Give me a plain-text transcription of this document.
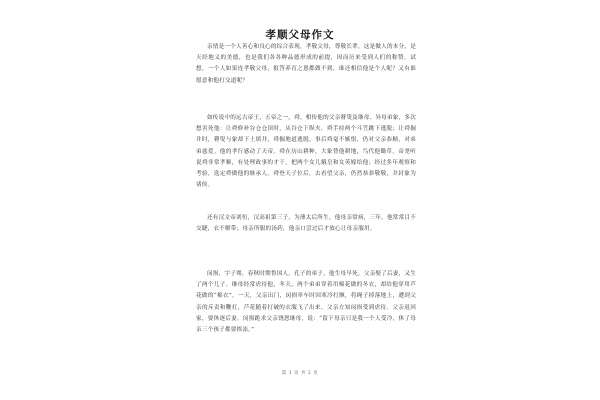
孝顺父母作文
亲情是一个人善心和良心的综合表现，孝敬父母，尊敬长辈，这是做人的本分，是天经地义的美德，也是我们各各种品德形成的前提，因而历来受到人们的称赞。试想，一个人如果连孝敬父母，报答养育之恩都做不到，谁还相信他是个人呢？又有谁愿意和他打交道呢？
如传说中的远古帝王，五帝之一，舜。相传他的父亲瞽叟及继母、异母弟象，多次想害死他：让舜修补谷仓仓顶时，从谷仓下纵火，舜手持两个斗笠跳下逃脱；让舜掘井时，瞽叟与象却下土填井，舜掘地道逃脱。事后舜毫不嫉恨，仍对父亲恭顺，对弟弟慈爱。他的孝行感动了天帝。舜在历山耕种，大象替他耕地，鸟代他锄草。帝尧听说舜非常孝顺，有处理政事的才干，把两个女儿娥皇和女英嫁给他；经过多年观察和考验，选定舜做他的继承人。舜登天子位后，去看望父亲，仍然恭恭敬敬，并封象为诸侯。
还有汉文帝刘恒，汉高祖第三子，为薄太后所生。他母亲常病，三年，他常常目不交睫，衣不解带；母亲所服的汤药，他亲口尝过后才放心让母亲服用。
闵损，字子骞，春秋时期鲁国人，孔子的弟子，他生母早死，父亲娶了后妻，又生了两个儿子。继母经常虐待他，冬天，两个弟弟穿着用棉花做的冬衣，却给他穿用芦花做的“棉衣”。一天，父亲出门，闵损牵车时因寒冷打颤，将绳子掉落地上，遭到父亲的斥责和鞭打，芦花随着打破的衣服飞了出来，父亲方知闵损受到虐待。父亲返回家，要休逐后妻。闵损跪求父亲饶恕继母，说：“留下母亲只是我一个人受冷，休了母亲三个孩子都要挨冻。”
第 1 页 共 2 页
